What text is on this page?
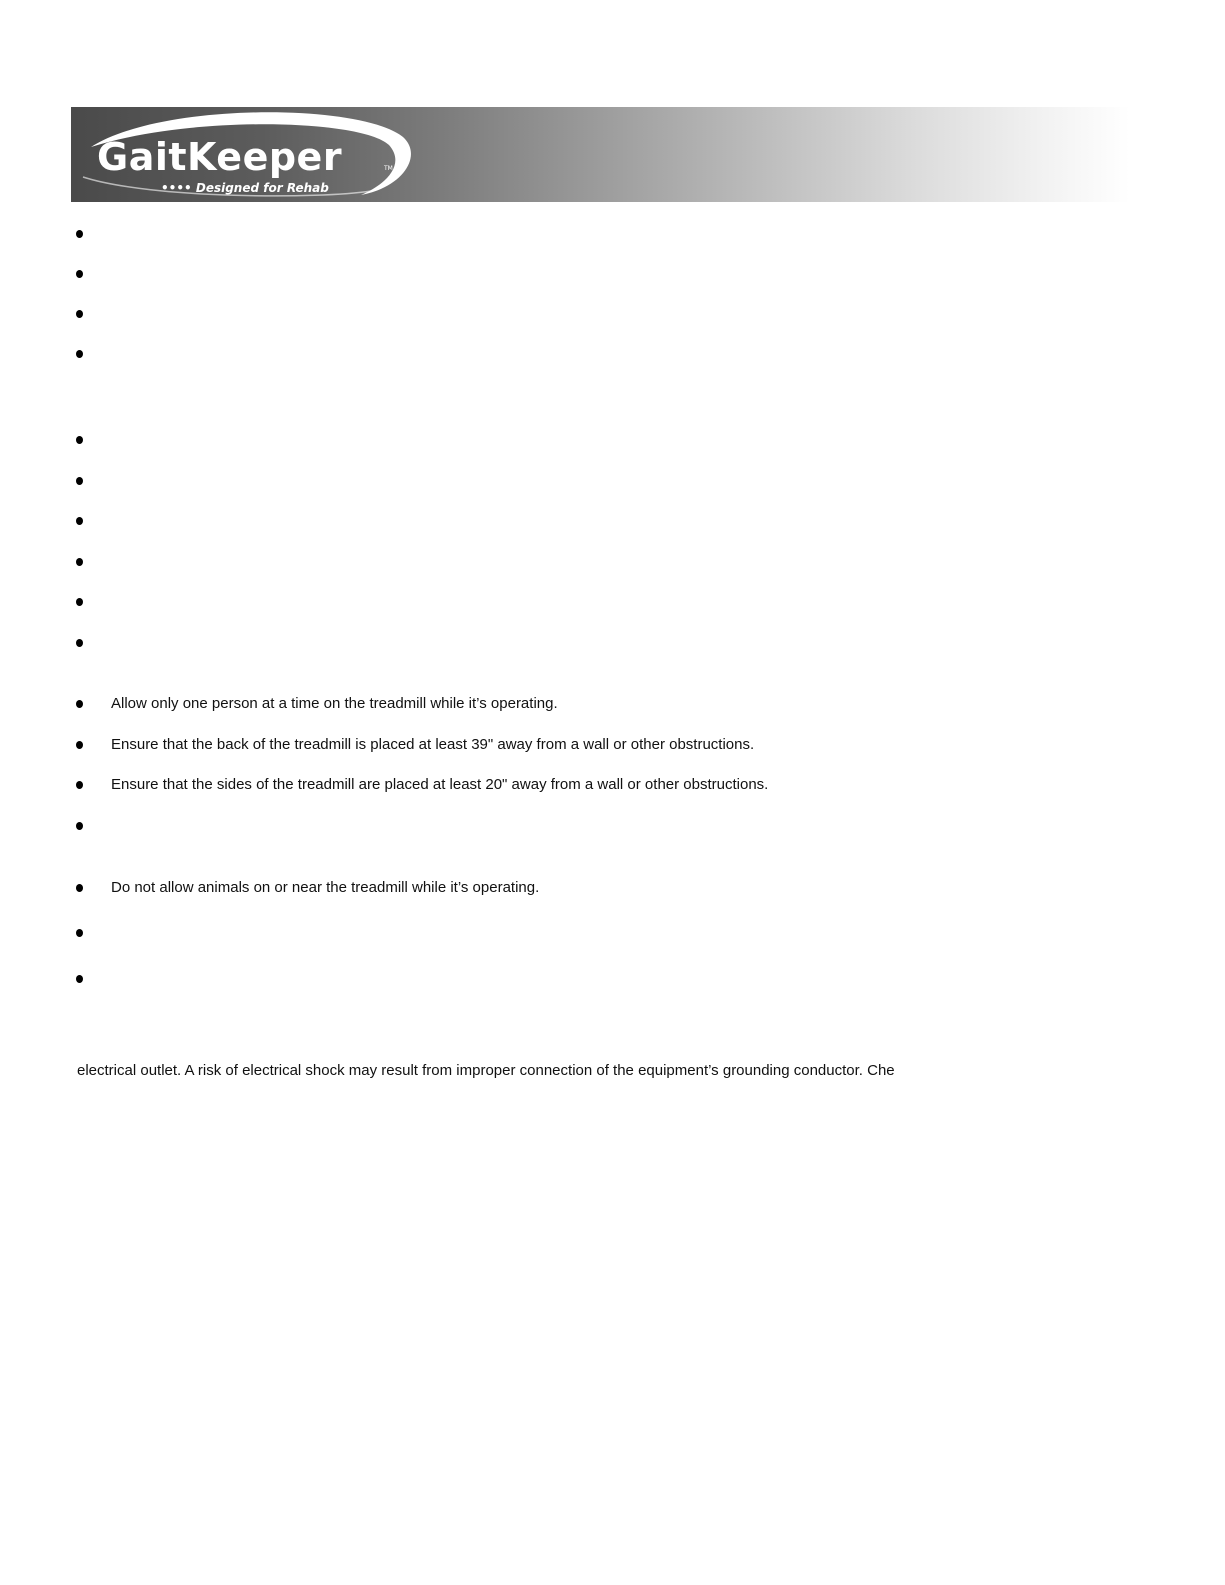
GaitKeeper	TM
•••• Designed for Rehab
Allow only one person at a time on the treadmill while it’s operating.
Ensure that the back of the treadmill is placed at least 39" away from a wall or other obstructions.
Ensure that the sides of the treadmill are placed at least 20" away from a wall or other obstructions.
Do not allow animals on or near the treadmill while it’s operating.
electrical outlet. A risk of electrical shock may result from improper connection of the equipment’s grounding conductor. Che
